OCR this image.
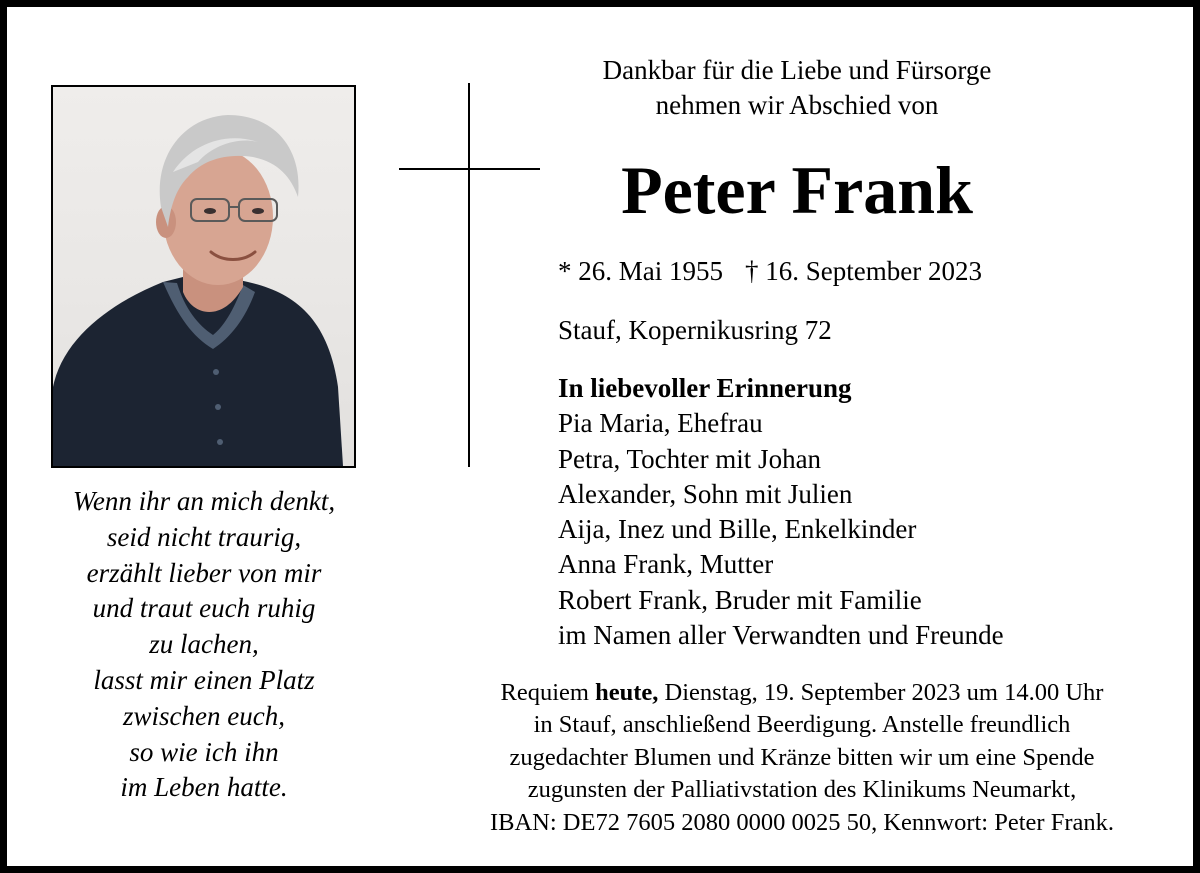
Dankbar für die Liebe und Fürsorge
nehmen wir Abschied von
Peter Frank
* 26. Mai 1955 † 16. September 2023
Stauf, Kopernikusring 72
In liebevoller Erinnerung
Pia Maria, Ehefrau
Petra, Tochter mit Johan
Alexander, Sohn mit Julien
Aija, Inez und Bille, Enkelkinder
Anna Frank, Mutter
Robert Frank, Bruder mit Familie
im Namen aller Verwandten und Freunde
Wenn ihr an mich denkt,
seid nicht traurig,
erzählt lieber von mir
und traut euch ruhig
zu lachen,
lasst mir einen Platz
zwischen euch,
so wie ich ihn
im Leben hatte.
Requiem heute, Dienstag, 19. September 2023 um 14.00 Uhr
in Stauf, anschließend Beerdigung. Anstelle freundlich
zugedachter Blumen und Kränze bitten wir um eine Spende
zugunsten der Palliativstation des Klinikums Neumarkt,
IBAN: DE72 7605 2080 0000 0025 50, Kennwort: Peter Frank.
